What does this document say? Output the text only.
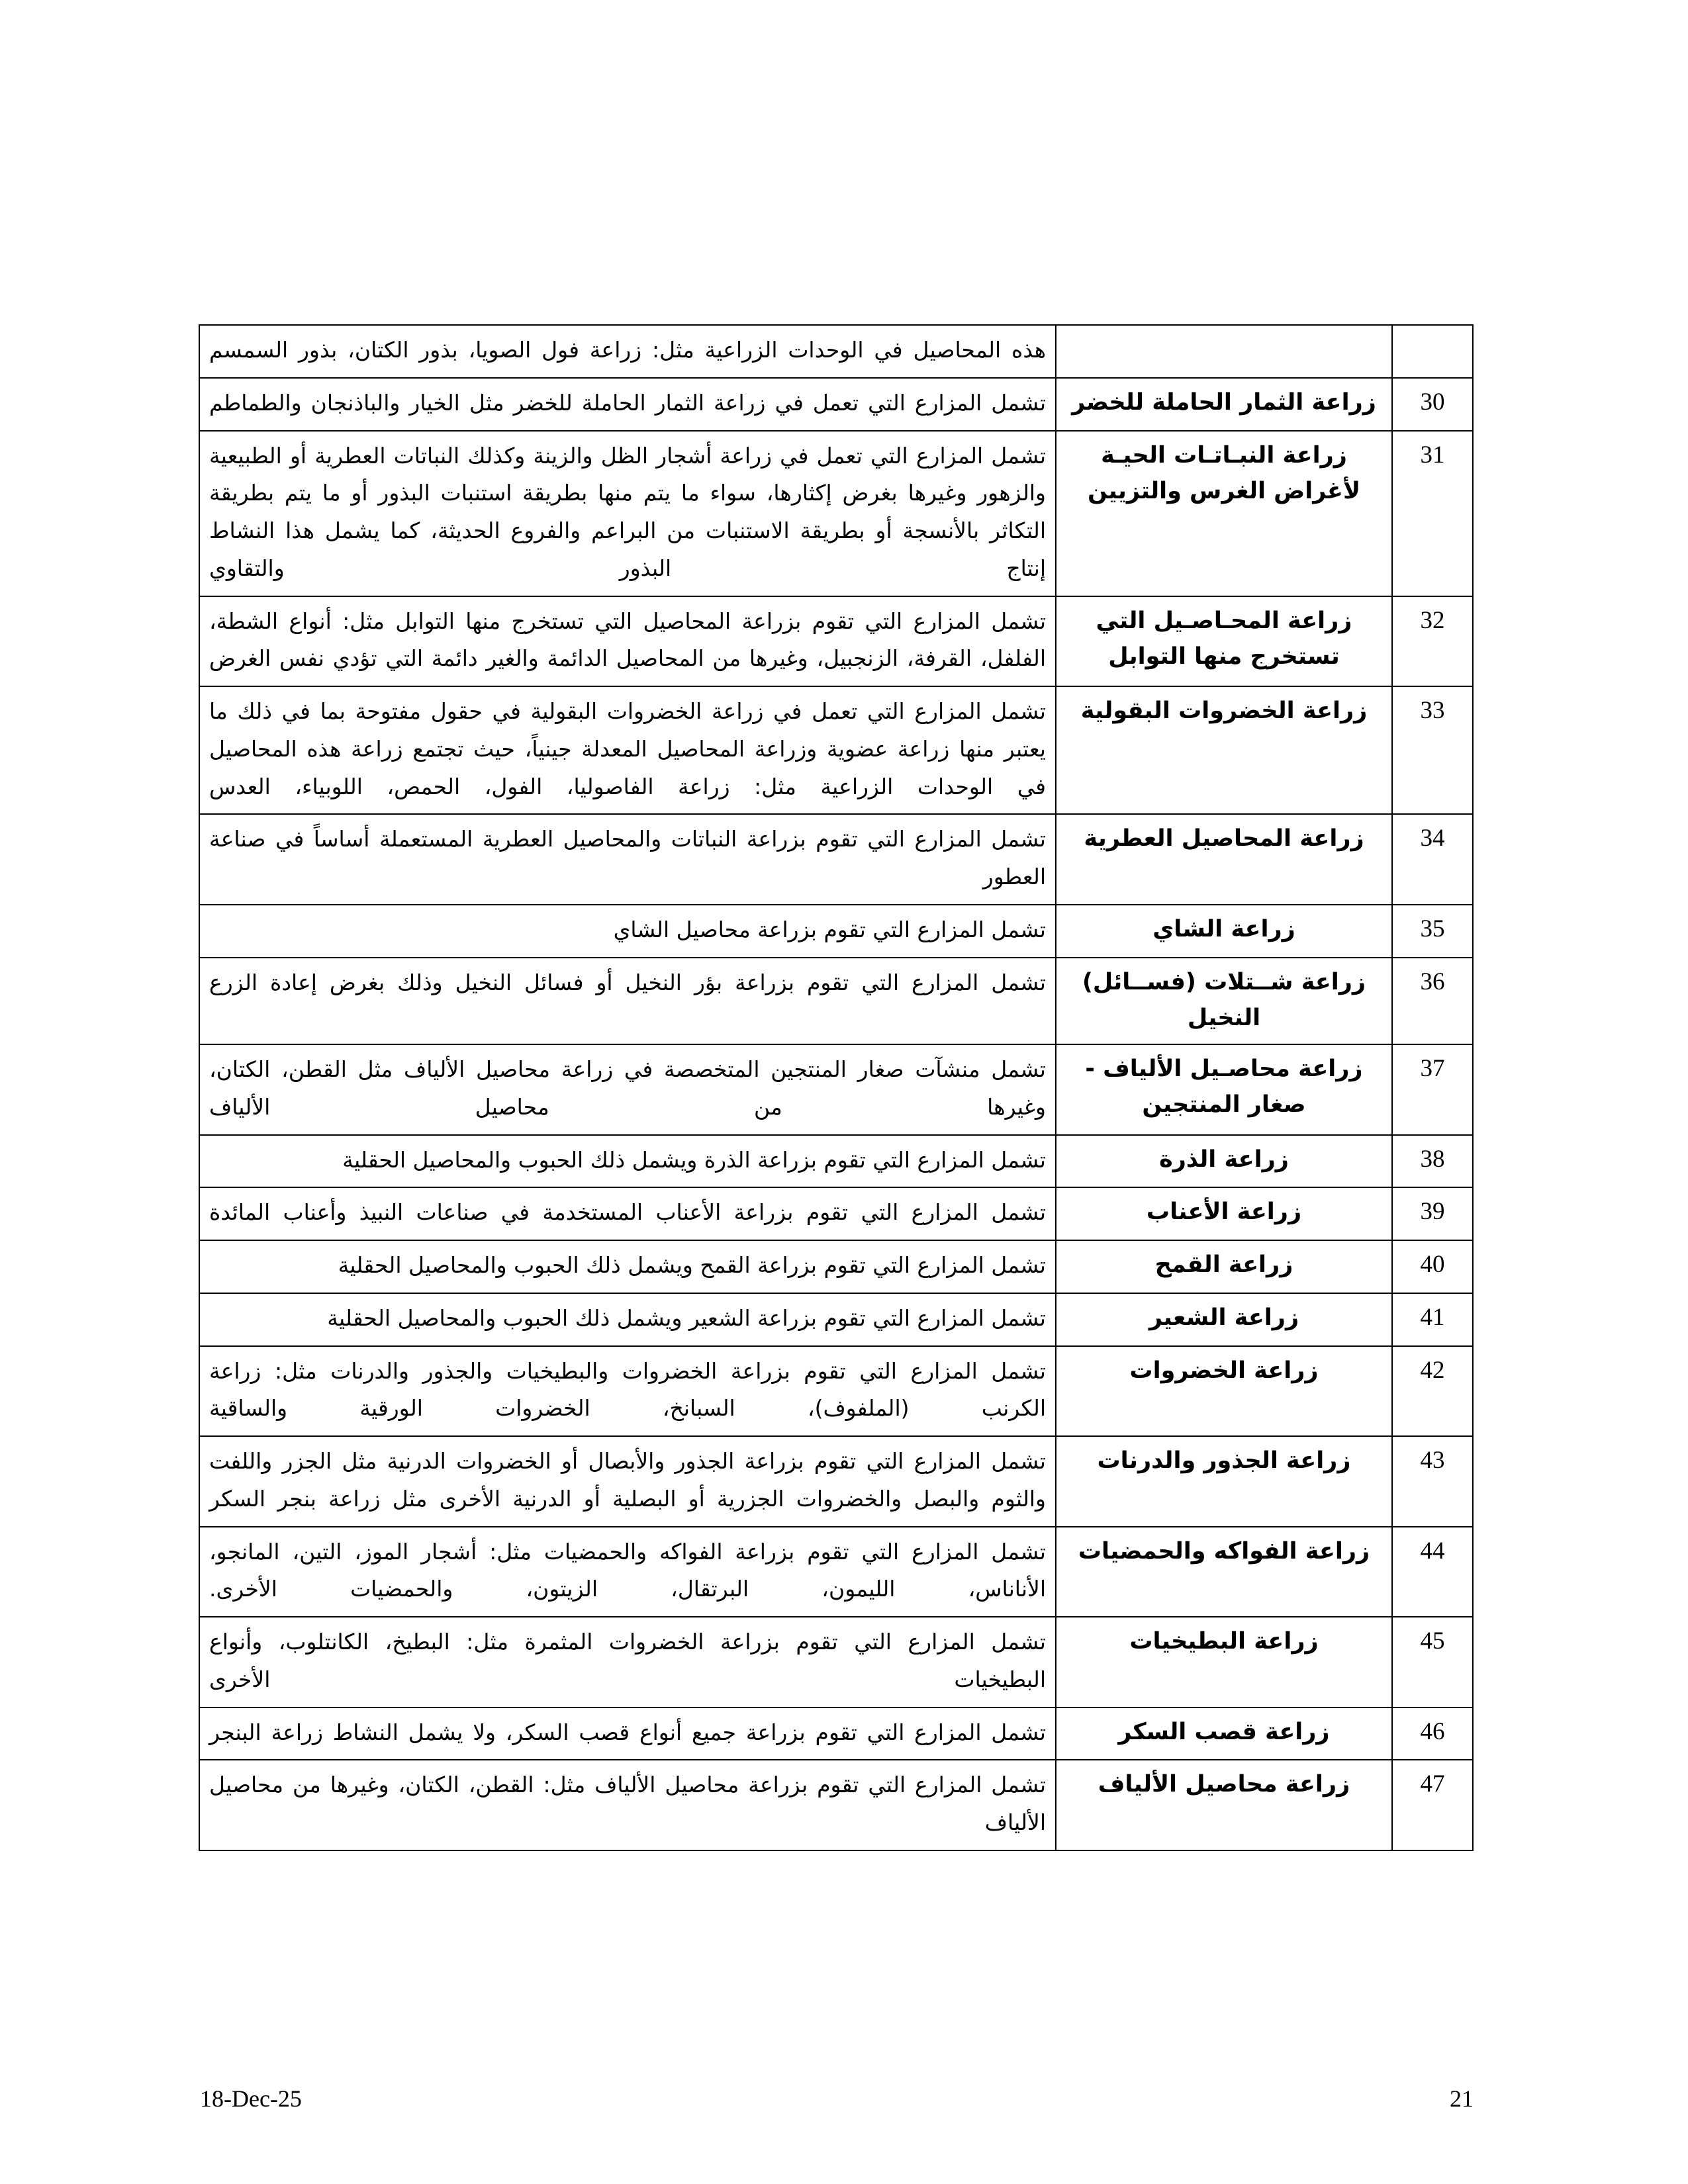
		هذه المحاصيل في الوحدات الزراعية مثل: زراعة فول الصويا، بذور الكتان، بذور السمسم
30	زراعة الثمار الحاملة للخضر	تشمل المزارع التي تعمل في زراعة الثمار الحاملة للخضر مثل الخيار والباذنجان والطماطم
31	زراعة النبـاتـات الحيـة لأغراض الغرس والتزيين	تشمل المزارع التي تعمل في زراعة أشجار الظل والزينة وكذلك النباتات العطرية أو الطبيعية والزهور وغيرها بغرض إكثارها، سواء ما يتم منها بطريقة استنبات البذور أو ما يتم بطريقة التكاثر بالأنسجة أو بطريقة الاستنبات من البراعم والفروع الحديثة، كما يشمل هذا النشاط إنتاج البذور والتقاوي
32	زراعة المحـاصـيل التي تستخرج منها التوابل	تشمل المزارع التي تقوم بزراعة المحاصيل التي تستخرج منها التوابل مثل: أنواع الشطة، الفلفل، القرفة، الزنجبيل، وغيرها من المحاصيل الدائمة والغير دائمة التي تؤدي نفس الغرض
33	زراعة الخضروات البقولية	تشمل المزارع التي تعمل في زراعة الخضروات البقولية في حقول مفتوحة بما في ذلك ما يعتبر منها زراعة عضوية وزراعة المحاصيل المعدلة جينياً، حيث تجتمع زراعة هذه المحاصيل في الوحدات الزراعية مثل: زراعة الفاصوليا، الفول، الحمص، اللوبياء، العدس
34	زراعة المحاصيل العطرية	تشمل المزارع التي تقوم بزراعة النباتات والمحاصيل العطرية المستعملة أساساً في صناعة العطور
35	زراعة الشاي	تشمل المزارع التي تقوم بزراعة محاصيل الشاي
36	زراعة شــتلات (فســائل) النخيل	تشمل المزارع التي تقوم بزراعة بؤر النخيل أو فسائل النخيل وذلك بغرض إعادة الزرع
37	زراعة محاصـيل الألياف - صغار المنتجين	تشمل منشآت صغار المنتجين المتخصصة في زراعة محاصيل الألياف مثل القطن، الكتان، وغيرها من محاصيل الألياف
38	زراعة الذرة	تشمل المزارع التي تقوم بزراعة الذرة ويشمل ذلك الحبوب والمحاصيل الحقلية
39	زراعة الأعناب	تشمل المزارع التي تقوم بزراعة الأعناب المستخدمة في صناعات النبيذ وأعناب المائدة
40	زراعة القمح	تشمل المزارع التي تقوم بزراعة القمح ويشمل ذلك الحبوب والمحاصيل الحقلية
41	زراعة الشعير	تشمل المزارع التي تقوم بزراعة الشعير ويشمل ذلك الحبوب والمحاصيل الحقلية
42	زراعة الخضروات	تشمل المزارع التي تقوم بزراعة الخضروات والبطيخيات والجذور والدرنات مثل: زراعة الكرنب (الملفوف)، السبانخ، الخضروات الورقية والساقية
43	زراعة الجذور والدرنات	تشمل المزارع التي تقوم بزراعة الجذور والأبصال أو الخضروات الدرنية مثل الجزر واللفت والثوم والبصل والخضروات الجزرية أو البصلية أو الدرنية الأخرى مثل زراعة بنجر السكر
44	زراعة الفواكه والحمضيات	تشمل المزارع التي تقوم بزراعة الفواكه والحمضيات مثل: أشجار الموز، التين، المانجو، الأناناس، الليمون، البرتقال، الزيتون، والحمضيات الأخرى.
45	زراعة البطيخيات	تشمل المزارع التي تقوم بزراعة الخضروات المثمرة مثل: البطيخ، الكانتلوب، وأنواع البطيخيات الأخرى
46	زراعة قصب السكر	تشمل المزارع التي تقوم بزراعة جميع أنواع قصب السكر، ولا يشمل النشاط زراعة البنجر
47	زراعة محاصيل الألياف	تشمل المزارع التي تقوم بزراعة محاصيل الألياف مثل: القطن، الكتان، وغيرها من محاصيل الألياف
18-Dec-25	21
